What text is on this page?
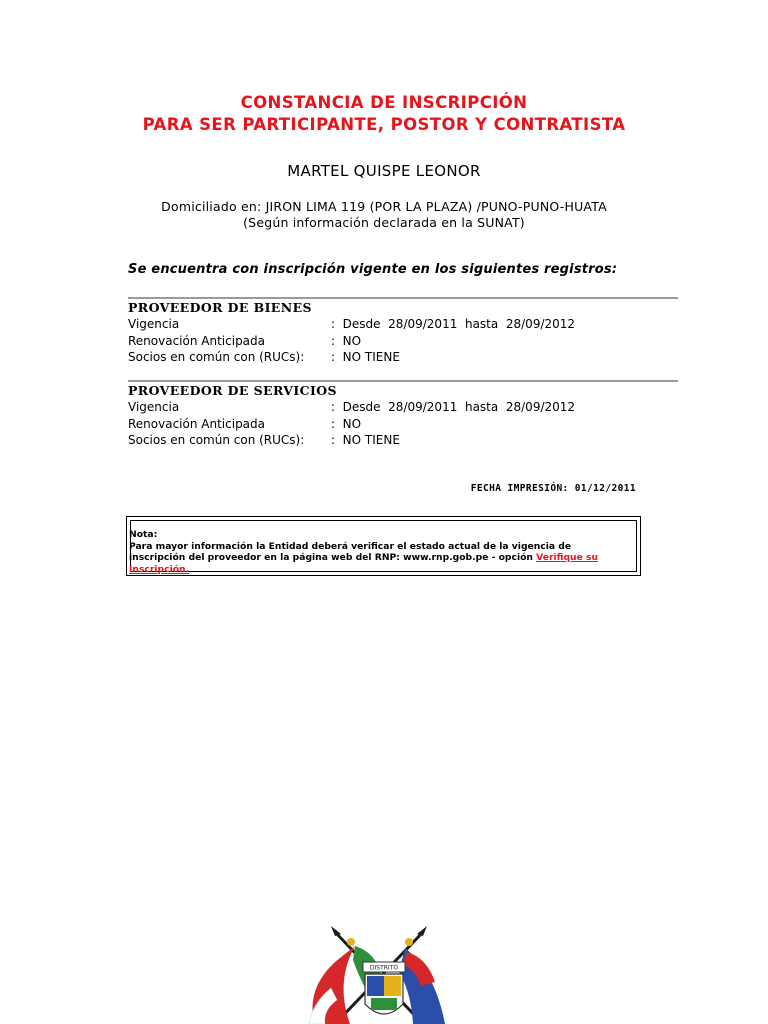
CONSTANCIA DE INSCRIPCIÓN
PARA SER PARTICIPANTE, POSTOR Y CONTRATISTA
MARTEL QUISPE LEONOR
Domiciliado en: JIRON LIMA 119 (POR LA PLAZA) /PUNO-PUNO-HUATA
(Según información declarada en la SUNAT)
Se encuentra con inscripción vigente en los siguientes registros:
PROVEEDOR DE BIENES
Vigencia	:  Desde  28/09/2011  hasta  28/09/2012
Renovación Anticipada	:  NO
Socios en común con (RUCs): :  NO TIENE
PROVEEDOR DE SERVICIOS
Vigencia	:  Desde  28/09/2011  hasta  28/09/2012
Renovación Anticipada	:  NO
Socios en común con (RUCs): :  NO TIENE
FECHA IMPRESIÓN: 01/12/2011
Nota:
Para mayor información la Entidad deberá verificar el estado actual de la vigencia de inscripción del proveedor en la página web del RNP: www.rnp.gob.pe - opción Verifique su Inscripción.
DISTRITO
